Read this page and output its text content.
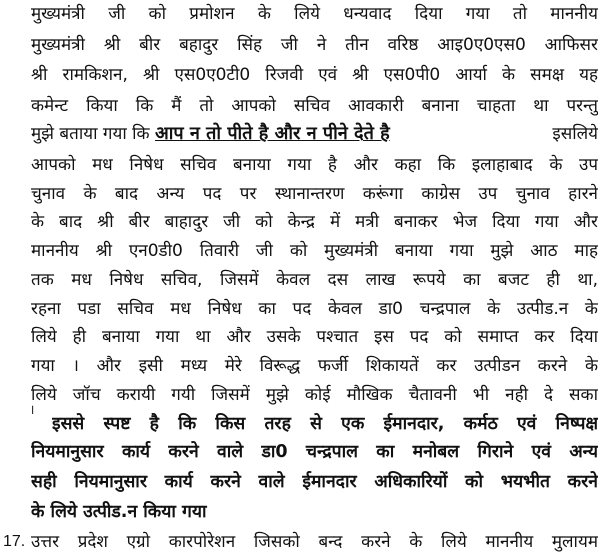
मुख्यमंत्री जी को प्रमोशन के लिये धन्यवाद दिया गया तो माननीय
मुख्यमंत्री श्री बीर बहादुर सिंह जी ने तीन वरिष्ठ आइ0ए0एस0 आफिसर
श्री रामकिशन, श्री एस0ए0टी0 रिजवी एवं श्री एस0पी0 आर्या के समक्ष यह
कमेन्ट किया कि मैं तो आपको सचिव आवकारी बनाना चाहता था परन्तु
मुझे बताया गया कि आप न तो पीते है और न पीने देते है	इसलिये
आपको मध निषेध सचिव बनाया गया है और कहा कि इलाहाबाद के उप
चुनाव के बाद अन्य पद पर स्थानान्तरण करूंगा काग्रेस उप चुनाव हारने
के बाद श्री बीर बाहादुर जी को केन्द्र में मत्री बनाकर भेज दिया गया और
माननीय श्री एन0डी0 तिवारी जी को मुख्यमंत्री बनाया गया मुझे आठ माह
तक मध निषेध सचिव, जिसमें केवल दस लाख रूपये का बजट ही था,
रहना पडा सचिव मध निषेध का पद केवल डा0 चन्द्रपाल के उत्पीड.न के
लिये ही बनाया गया था और उसके पश्चात इस पद को समाप्त कर दिया
गया । और इसी मध्य मेरे विरूद्ध फर्जी शिकायतें कर उत्पीडन करने के
लिये जॉच करायी गयी जिसमें मुझे कोई मौखिक चैतावनी भी नही दे सका
׀
इससे स्पष्ट है कि किस तरह से एक ईमानदार, कर्मठ एवं निष्पक्ष
नियमानुसार कार्य करने वाले डा0 चन्द्रपाल का मनोबल गिराने एवं अन्य
सही नियमानुसार कार्य करने वाले ईमानदार अधिकारियों को भयभीत करने
के लिये उत्पीड.न किया गया
17. उत्तर प्रदेश एग्रो कारपोरेशन जिसको बन्द करने के लिये माननीय मुलायम
